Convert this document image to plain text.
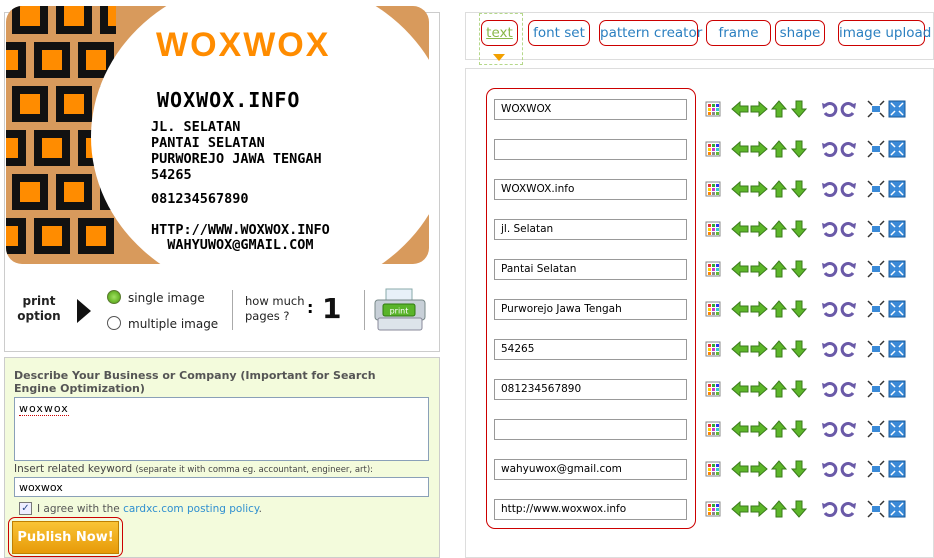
WOXWOX
WOXWOX.INFO
JL. SELATAN
PANTAI SELATAN
PURWOREJO JAWA TENGAH
54265
081234567890
HTTP://WWW.WOXWOX.INFO
WAHYUWOX@GMAIL.COM
print option
single image
multiple image
how much pages ?	: 1	print
Describe Your Business or Company (Important for Search Engine Optimization)
woxwox
Insert related keyword (separate it with comma eg. accountant, engineer, art):
woxwox
✓ I agree with the cardxc.com posting policy.
Publish Now!
text	font set	pattern creator	frame	shape	image upload
WOXWOX
WOXWOX.info
jl. Selatan
Pantai Selatan
Purworejo Jawa Tengah
54265
081234567890
wahyuwox@gmail.com
http://www.woxwox.info
